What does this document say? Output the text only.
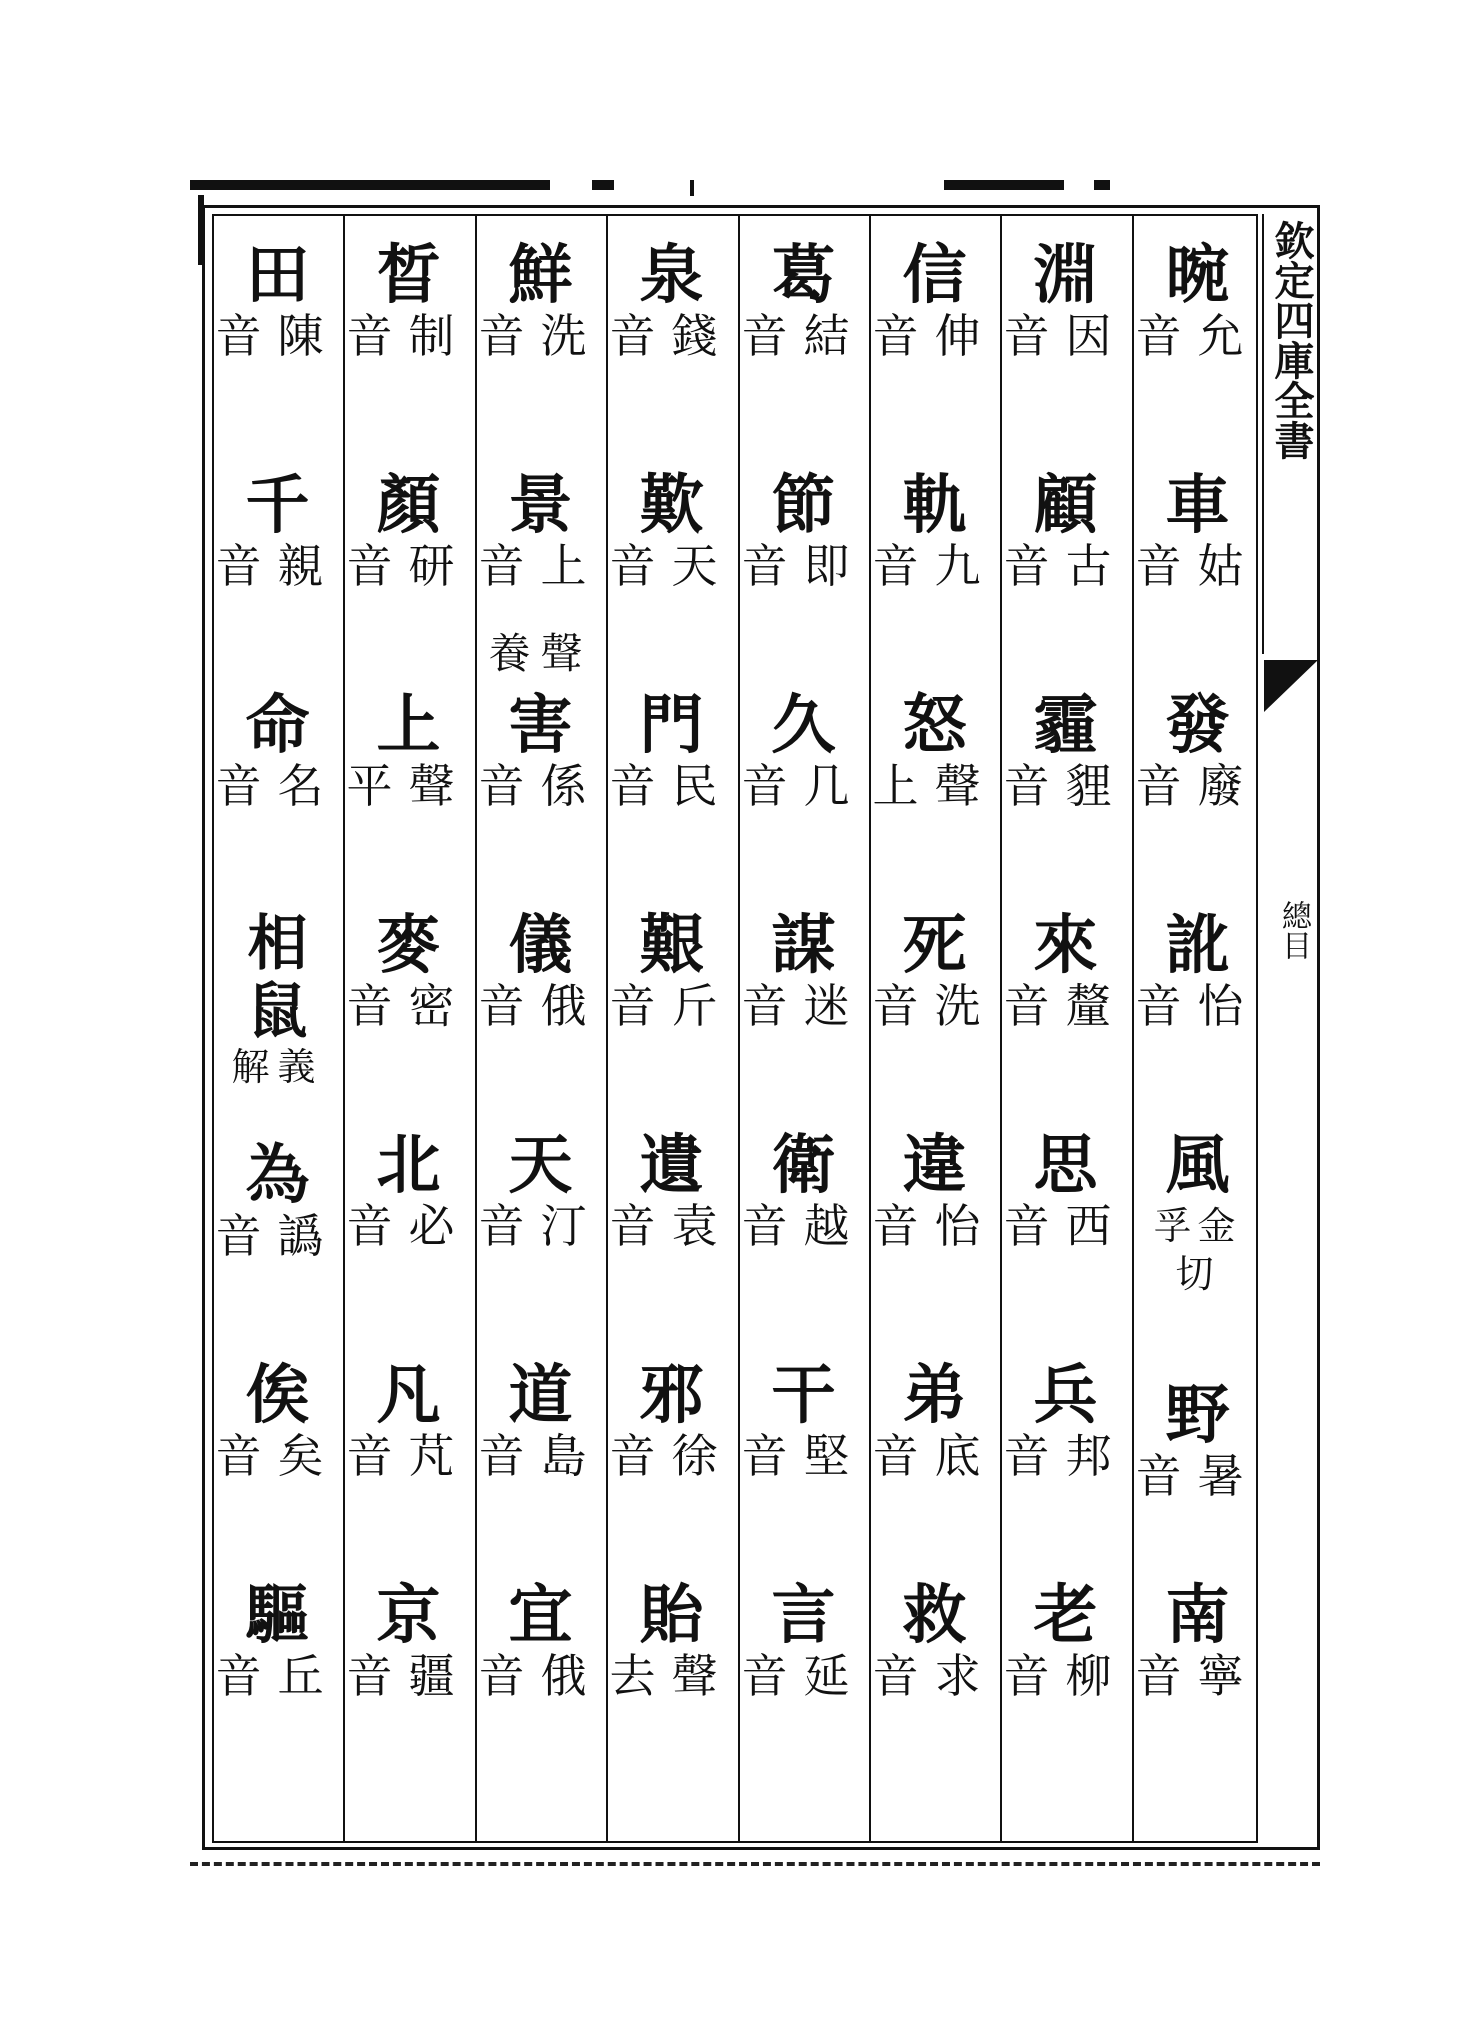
欽定四庫全書
總目
晼
音允
車
音姑
發
音廢
訛
音怡
風
孚金切
野
音暑
南
音寧
淵
音因
顧
音古
霾
音貍
來
音釐
思
音西
兵
音邦
老
音柳
信
音伸
軌
音九
怒
上聲
死
音洗
違
音怡
弟
音底
救
音求
葛
音結
節
音即
久
音几
謀
音迷
衛
音越
干
音堅
言
音延
泉
音錢
歎
音天
門
音民
艱
音斤
遺
音袁
邪
音徐
貽
去聲
鮮
音洗
景
音上
養聲
害
音係
儀
音俄
天
音汀
道
音島
宜
音俄
晳
音制
顏
音研
上
平聲
麥
音密
北
音必
凡
音芃
京
音疆
田
音陳
千
音親
命
音名
相鼠
解義
為
音譌
俟
音矣
驅
音丘
